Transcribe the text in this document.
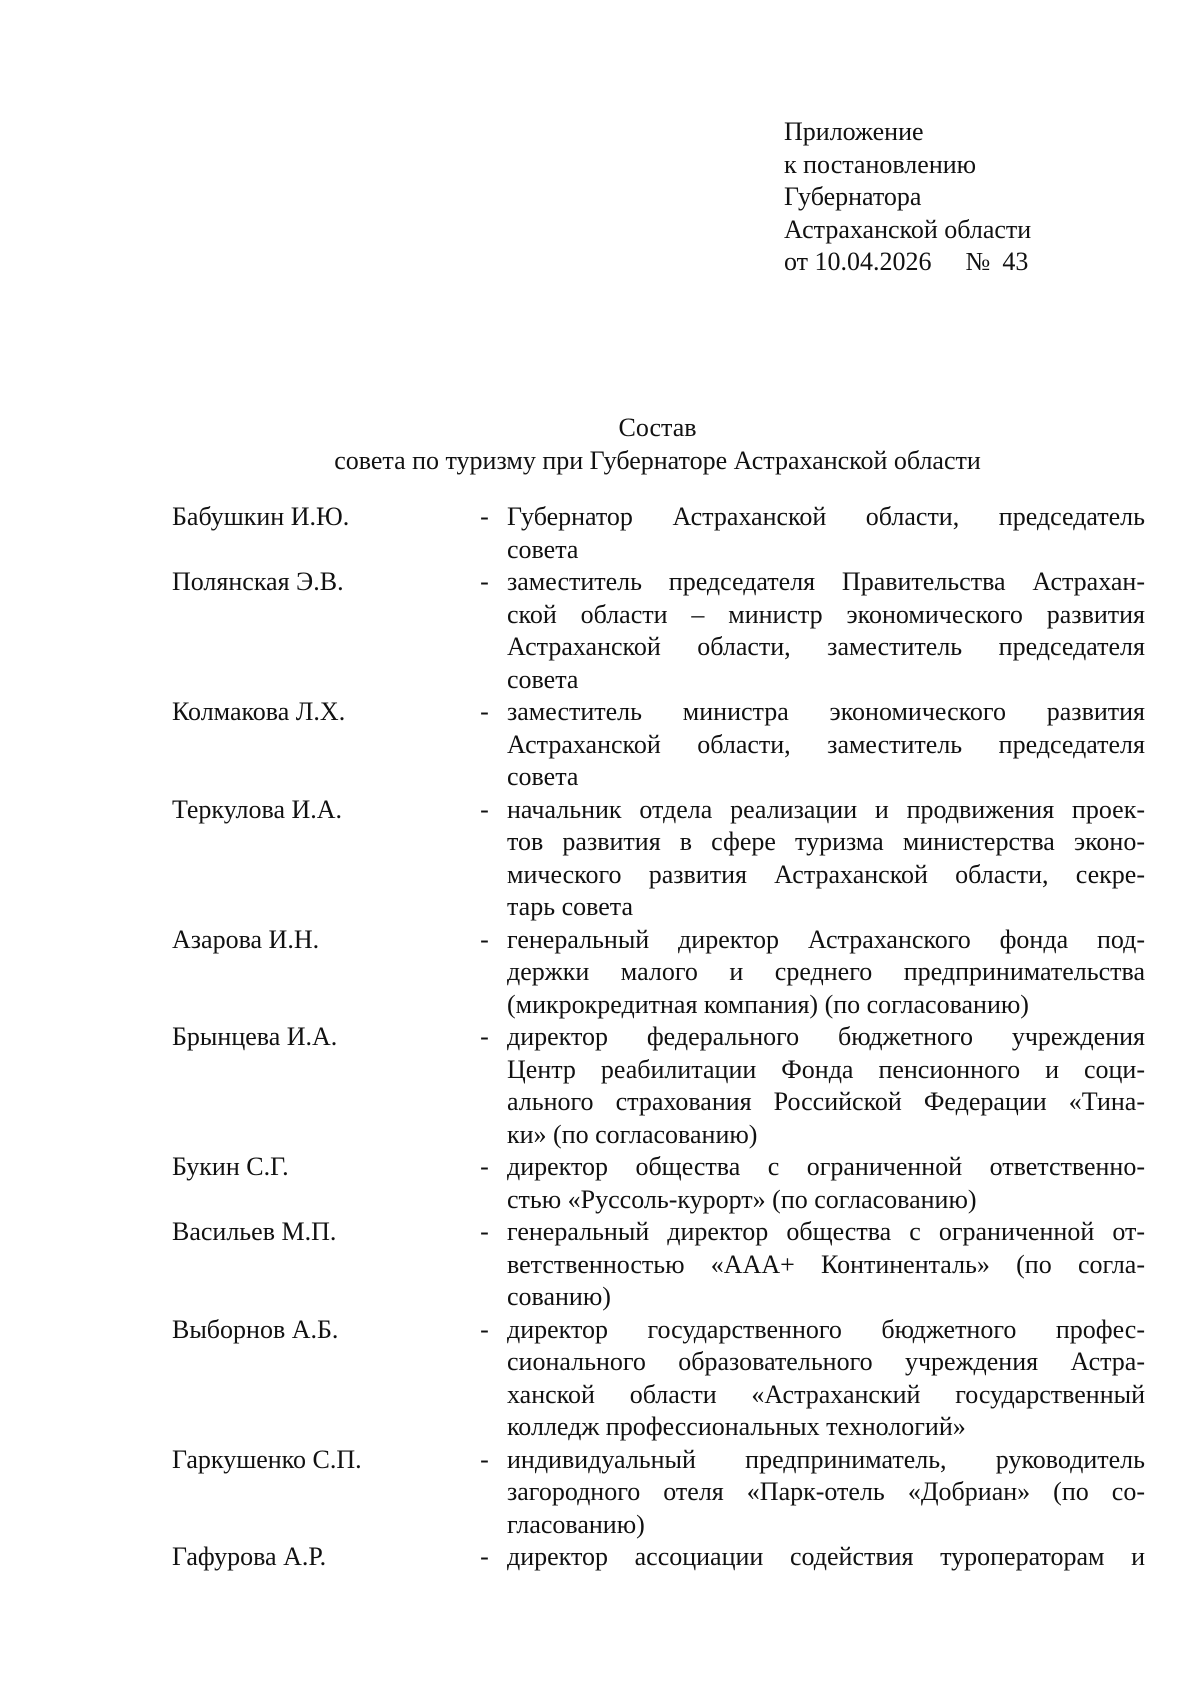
Приложение
к постановлению
Губернатора
Астраханской области
от 10.04.2026 № 43
Состав
совета по туризму при Губернаторе Астраханской области
Бабушкин И.Ю.	- Губернатор Астраханской области, председатель
совета
Полянская Э.В.	- заместитель председателя Правительства Астрахан-
ской области – министр экономического развития
Астраханской области, заместитель председателя
совета
Колмакова Л.Х.	- заместитель министра экономического развития
Астраханской области, заместитель председателя
совета
Теркулова И.А.	- начальник отдела реализации и продвижения проек-
тов развития в сфере туризма министерства эконо-
мического развития Астраханской области, секре-
тарь совета
Азарова И.Н.	- генеральный директор Астраханского фонда под-
держки малого и среднего предпринимательства
(микрокредитная компания) (по согласованию)
Брынцева И.А.	- директор федерального бюджетного учреждения
Центр реабилитации Фонда пенсионного и соци-
ального страхования Российской Федерации «Тина-
ки» (по согласованию)
Букин С.Г.	- директор общества с ограниченной ответственно-
стью «Руссоль-курорт» (по согласованию)
Васильев М.П.	- генеральный директор общества с ограниченной от-
ветственностью «ААА+ Континенталь» (по согла-
сованию)
Выборнов А.Б.	- директор государственного бюджетного профес-
сионального образовательного учреждения Астра-
ханской области «Астраханский государственный
колледж профессиональных технологий»
Гаркушенко С.П.	- индивидуальный предприниматель, руководитель
загородного отеля «Парк-отель «Добриан» (по со-
гласованию)
Гафурова А.Р.	- директор ассоциации содействия туроператорам и
